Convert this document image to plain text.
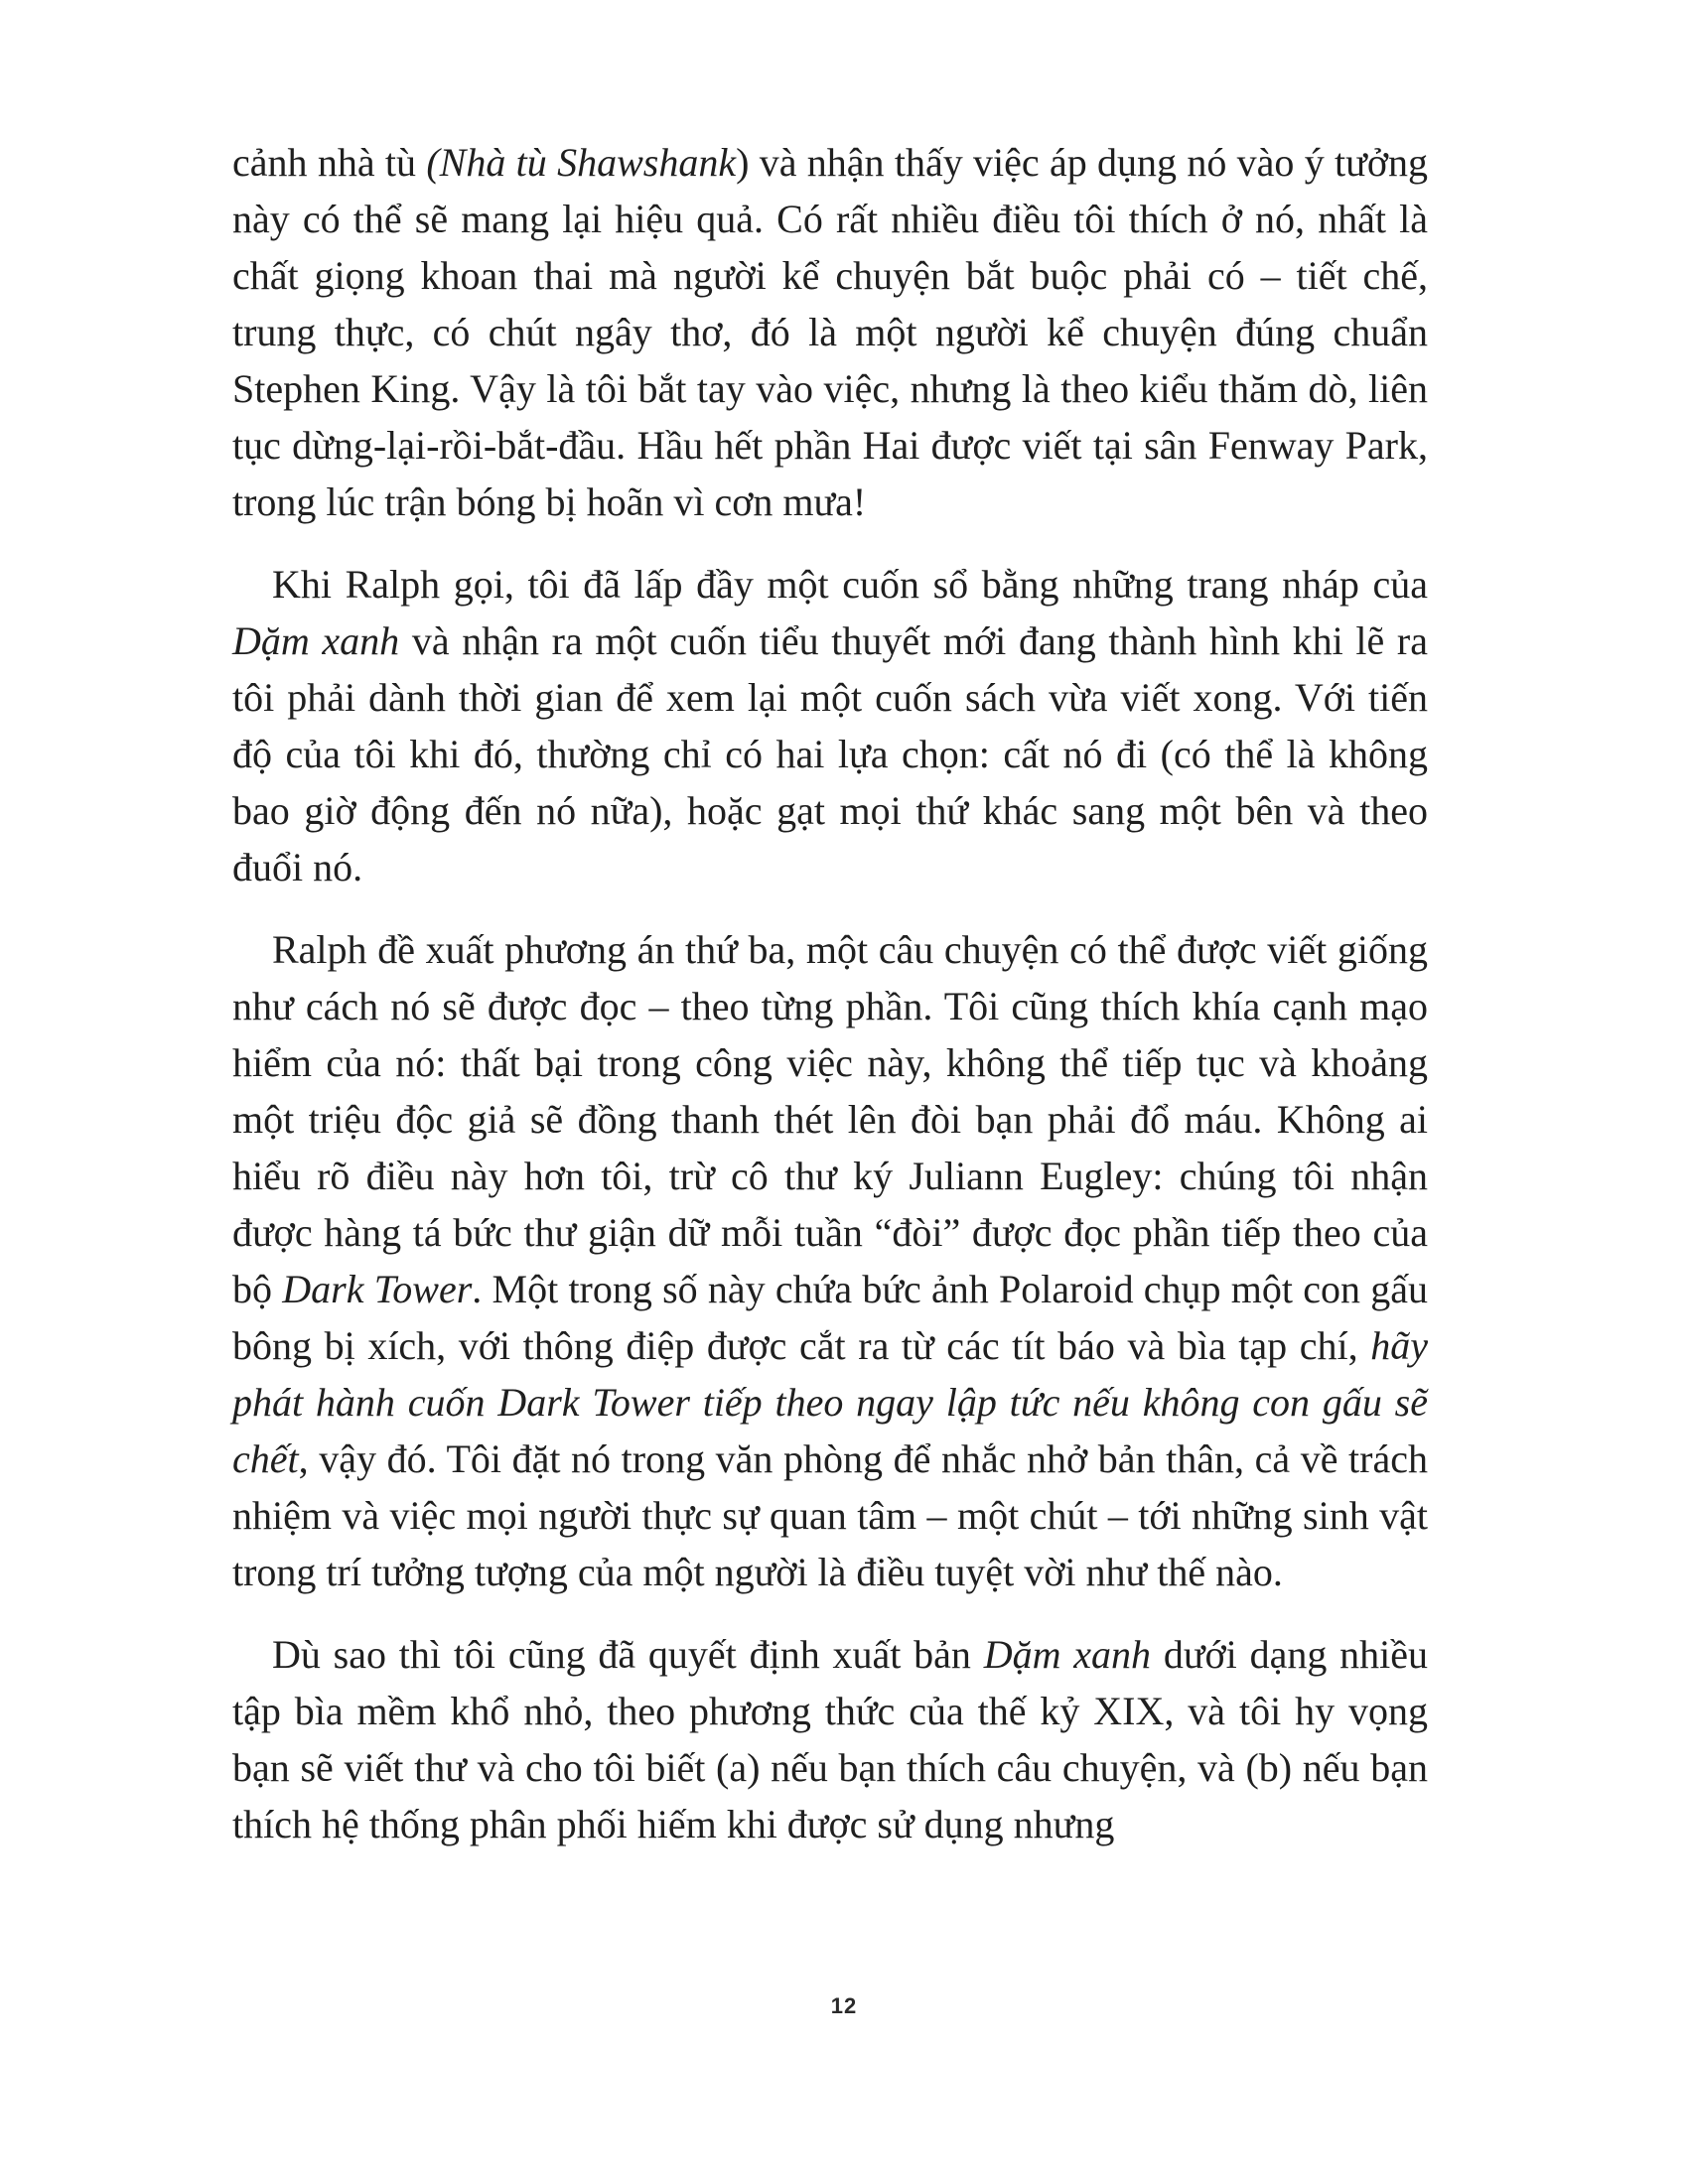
cảnh nhà tù (Nhà tù Shawshank) và nhận thấy việc áp dụng nó vào ý tưởng này có thể sẽ mang lại hiệu quả. Có rất nhiều điều tôi thích ở nó, nhất là chất giọng khoan thai mà người kể chuyện bắt buộc phải có – tiết chế, trung thực, có chút ngây thơ, đó là một người kể chuyện đúng chuẩn Stephen King. Vậy là tôi bắt tay vào việc, nhưng là theo kiểu thăm dò, liên tục dừng-lại-rồi-bắt-đầu. Hầu hết phần Hai được viết tại sân Fenway Park, trong lúc trận bóng bị hoãn vì cơn mưa!

Khi Ralph gọi, tôi đã lấp đầy một cuốn sổ bằng những trang nháp của Dặm xanh và nhận ra một cuốn tiểu thuyết mới đang thành hình khi lẽ ra tôi phải dành thời gian để xem lại một cuốn sách vừa viết xong. Với tiến độ của tôi khi đó, thường chỉ có hai lựa chọn: cất nó đi (có thể là không bao giờ động đến nó nữa), hoặc gạt mọi thứ khác sang một bên và theo đuổi nó.

Ralph đề xuất phương án thứ ba, một câu chuyện có thể được viết giống như cách nó sẽ được đọc – theo từng phần. Tôi cũng thích khía cạnh mạo hiểm của nó: thất bại trong công việc này, không thể tiếp tục và khoảng một triệu độc giả sẽ đồng thanh thét lên đòi bạn phải đổ máu. Không ai hiểu rõ điều này hơn tôi, trừ cô thư ký Juliann Eugley: chúng tôi nhận được hàng tá bức thư giận dữ mỗi tuần “đòi” được đọc phần tiếp theo của bộ Dark Tower. Một trong số này chứa bức ảnh Polaroid chụp một con gấu bông bị xích, với thông điệp được cắt ra từ các tít báo và bìa tạp chí, hãy phát hành cuốn Dark Tower tiếp theo ngay lập tức nếu không con gấu sẽ chết, vậy đó. Tôi đặt nó trong văn phòng để nhắc nhở bản thân, cả về trách nhiệm và việc mọi người thực sự quan tâm – một chút – tới những sinh vật trong trí tưởng tượng của một người là điều tuyệt vời như thế nào.

Dù sao thì tôi cũng đã quyết định xuất bản Dặm xanh dưới dạng nhiều tập bìa mềm khổ nhỏ, theo phương thức của thế kỷ XIX, và tôi hy vọng bạn sẽ viết thư và cho tôi biết (a) nếu bạn thích câu chuyện, và (b) nếu bạn thích hệ thống phân phối hiếm khi được sử dụng nhưng

12
